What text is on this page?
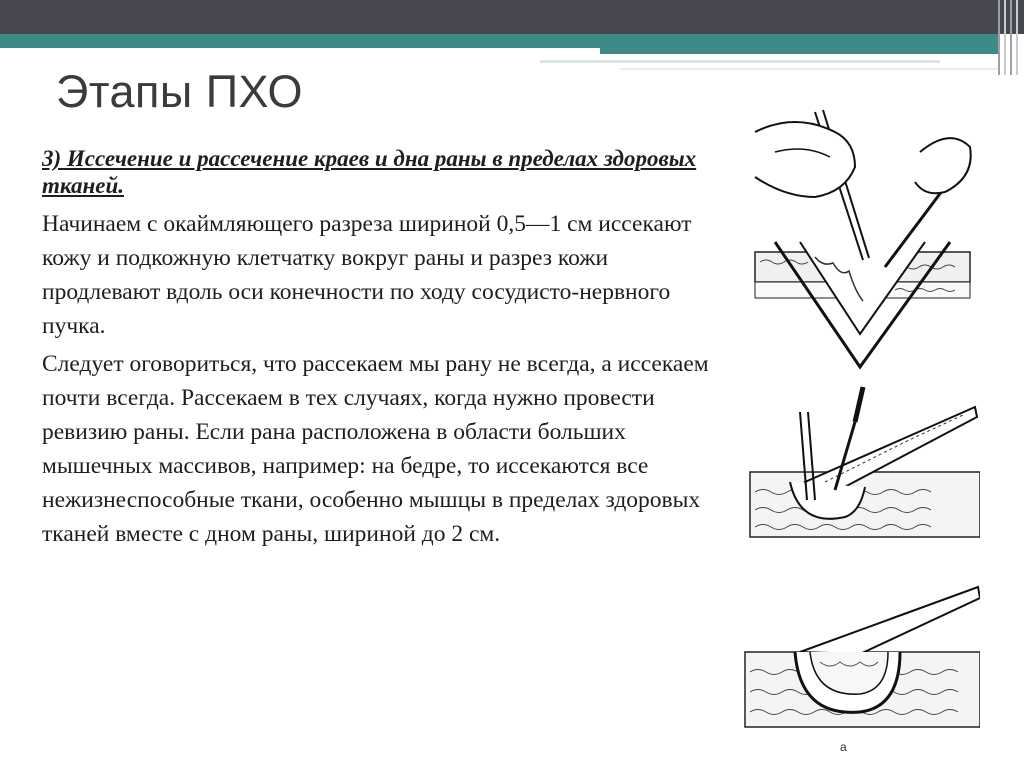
Этапы ПХО

3) Иссечение и рассечение краев и дна раны в пределах здоровых тканей.

Начинаем с окаймляющего разреза шириной 0,5—1 см иссекают кожу и подкожную клетчатку вокруг раны и разрез кожи продлевают вдоль оси конечности по ходу сосудисто-нервного пучка.

Следует оговориться, что рассекаем мы рану не всегда, а иссекаем почти всегда. Рассекаем в тех случаях, когда нужно провести ревизию раны. Если рана расположена в области больших мышечных массивов, например: на бедре, то иссекаются все нежизнеспособные ткани, особенно мышцы в пределах здоровых тканей вместе с дном раны, шириной до 2 см.

а
